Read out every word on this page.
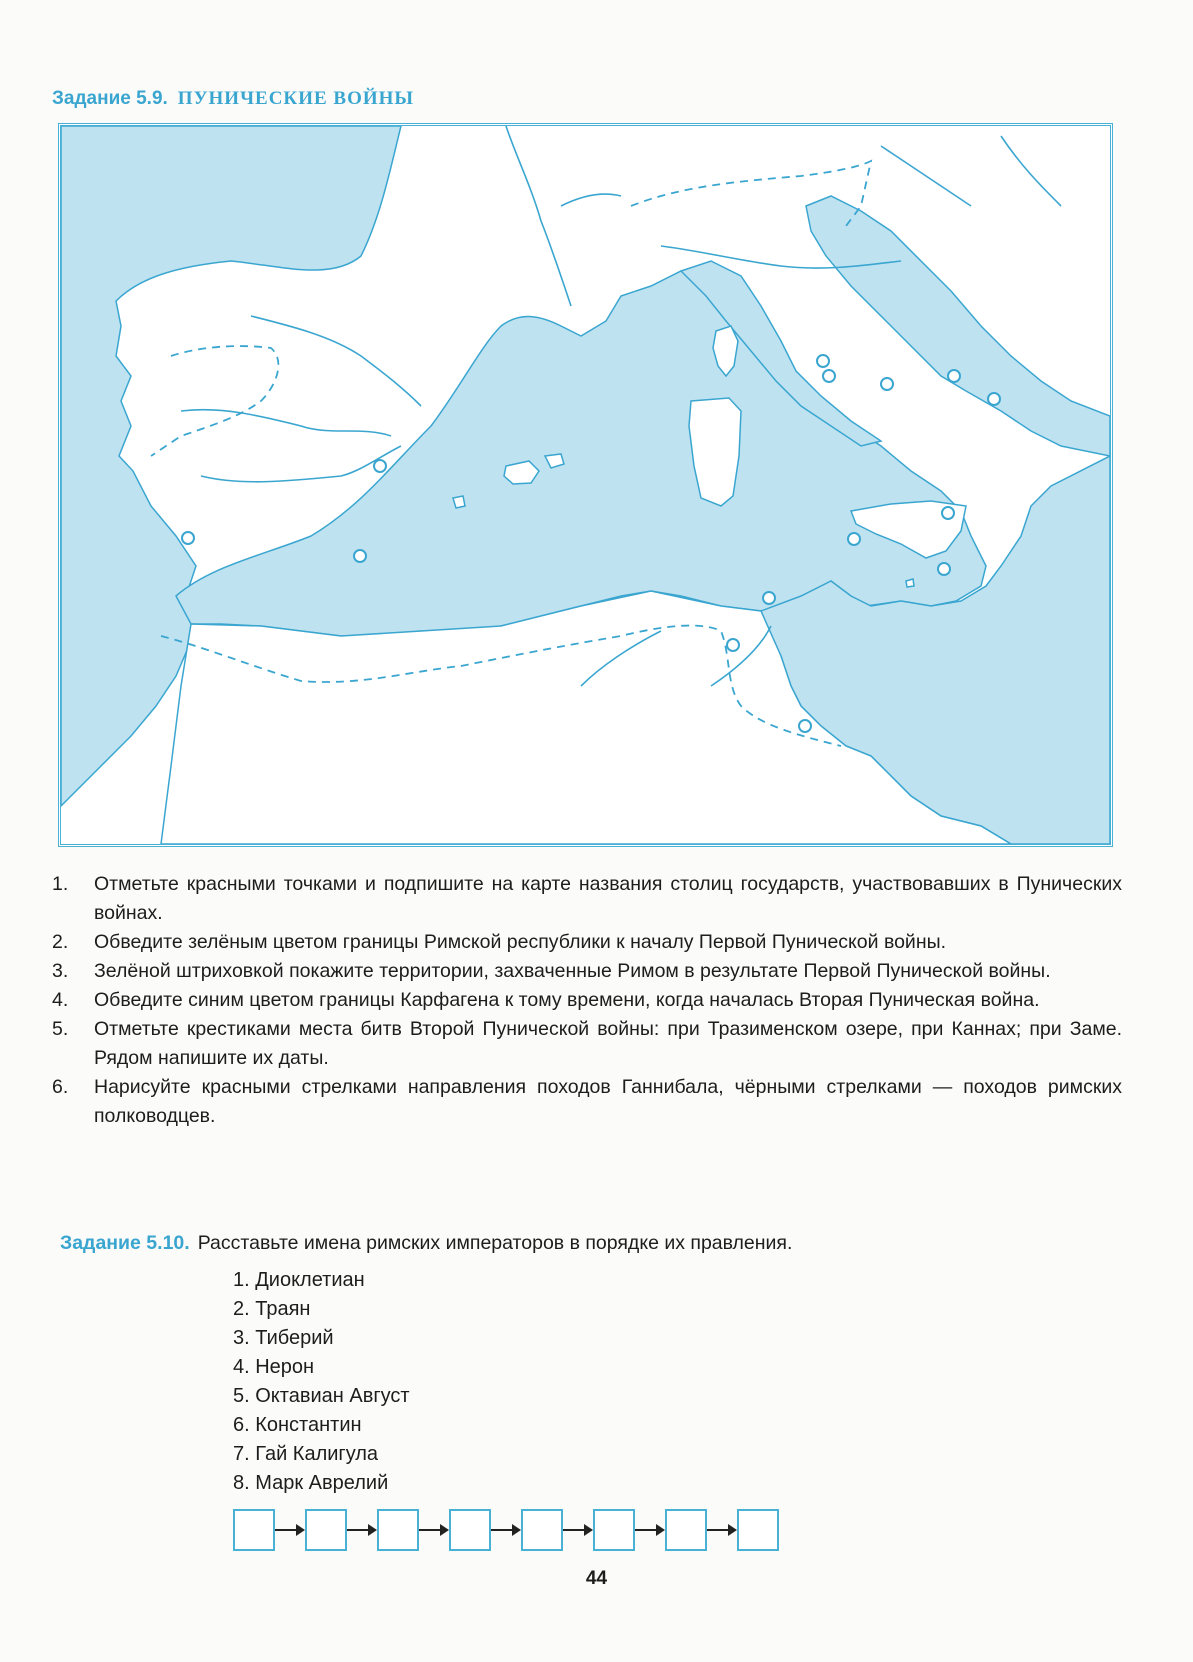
Задание 5.9. ПУНИЧЕСКИЕ ВОЙНЫ
1.	Отметьте красными точками и подпишите на карте названия столиц государств, участвовавших в Пунических войнах.
2.	Обведите зелёным цветом границы Римской республики к началу Первой Пунической войны.
3.	Зелёной штриховкой покажите территории, захваченные Римом в результате Первой Пунической войны.
4.	Обведите синим цветом границы Карфагена к тому времени, когда началась Вторая Пуническая война.
5.	Отметьте крестиками места битв Второй Пунической войны: при Тразименском озере, при Каннах; при Заме. Рядом напишите их даты.
6.	Нарисуйте красными стрелками направления походов Ганнибала, чёрными стрелками — походов римских полководцев.
Задание 5.10. Расставьте имена римских императоров в порядке их правления.
1. Диоклетиан
2. Траян
3. Тиберий
4. Нерон
5. Октавиан Август
6. Константин
7. Гай Калигула
8. Марк Аврелий
44
